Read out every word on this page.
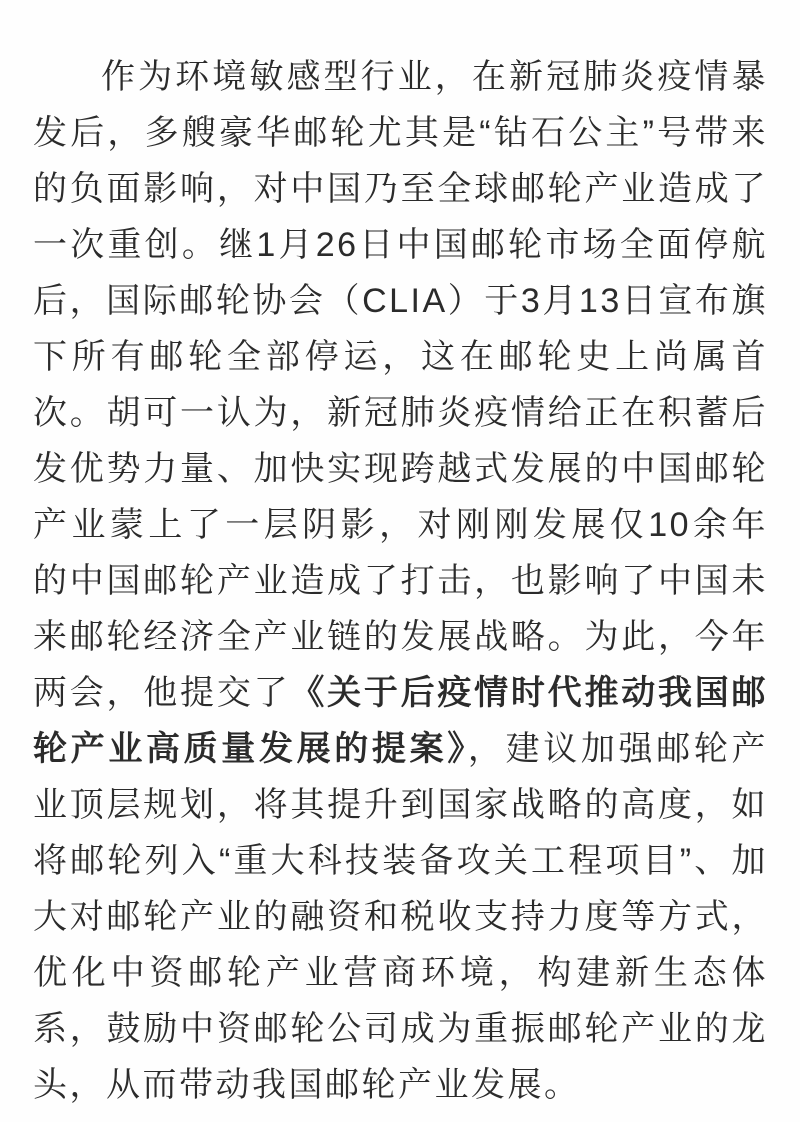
作为环境敏感型行业，在新冠肺炎疫情暴发后，多艘豪华邮轮尤其是“钻石公主”号带来的负面影响，对中国乃至全球邮轮产业造成了一次重创。继1月26日中国邮轮市场全面停航后，国际邮轮协会（CLIA）于3月13日宣布旗下所有邮轮全部停运，这在邮轮史上尚属首次。胡可一认为，新冠肺炎疫情给正在积蓄后发优势力量、加快实现跨越式发展的中国邮轮产业蒙上了一层阴影，对刚刚发展仅10余年的中国邮轮产业造成了打击，也影响了中国未来邮轮经济全产业链的发展战略。为此，今年两会，他提交了《关于后疫情时代推动我国邮轮产业高质量发展的提案》，建议加强邮轮产业顶层规划，将其提升到国家战略的高度，如将邮轮列入“重大科技装备攻关工程项目”、加大对邮轮产业的融资和税收支持力度等方式，优化中资邮轮产业营商环境，构建新生态体系，鼓励中资邮轮公司成为重振邮轮产业的龙头，从而带动我国邮轮产业发展。
